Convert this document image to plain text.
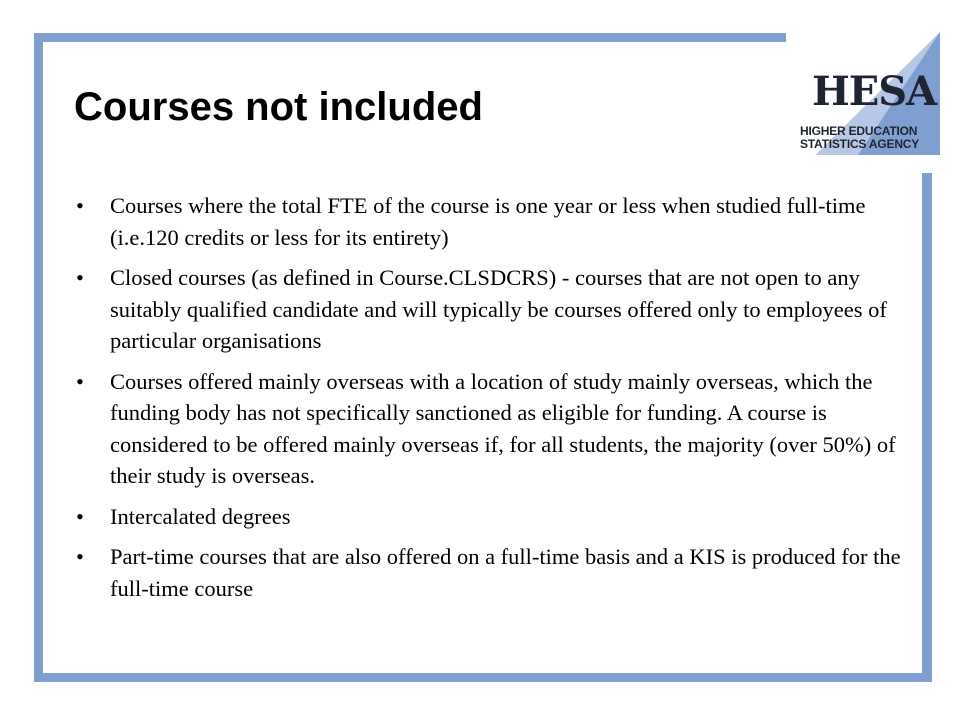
HESA
HIGHER EDUCATION
STATISTICS AGENCY
Courses not included
• Courses where the total FTE of the course is one year or less when studied full-time (i.e.120 credits or less for its entirety)
• Closed courses (as defined in Course.CLSDCRS) - courses that are not open to any suitably qualified candidate and will typically be courses offered only to employees of particular organisations
• Courses offered mainly overseas with a location of study mainly overseas, which the funding body has not specifically sanctioned as eligible for funding. A course is considered to be offered mainly overseas if, for all students, the majority (over 50%) of their study is overseas.
• Intercalated degrees
• Part-time courses that are also offered on a full-time basis and a KIS is produced for the full-time course
